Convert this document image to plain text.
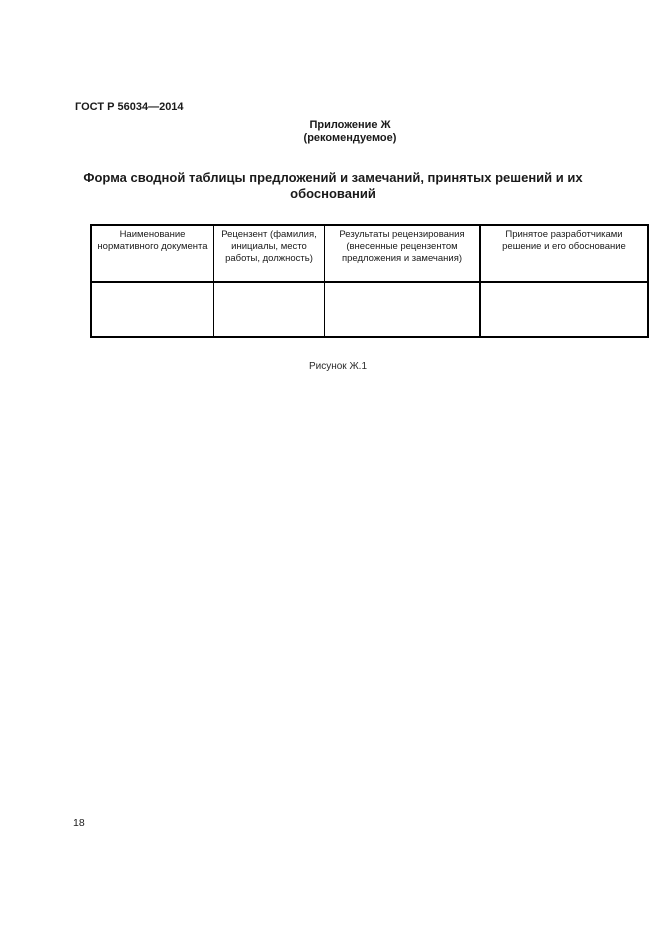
ГОСТ Р 56034—2014
Приложение Ж
(рекомендуемое)
Форма сводной таблицы предложений и замечаний, принятых решений и их обоснований
Наименование нормативного документа	Рецензент (фамилия, инициалы, место работы, должность)	Результаты рецензирования (внесенные рецензентом предложения и замечания)	Принятое разработчиками решение и его обоснование

Рисунок Ж.1
18
